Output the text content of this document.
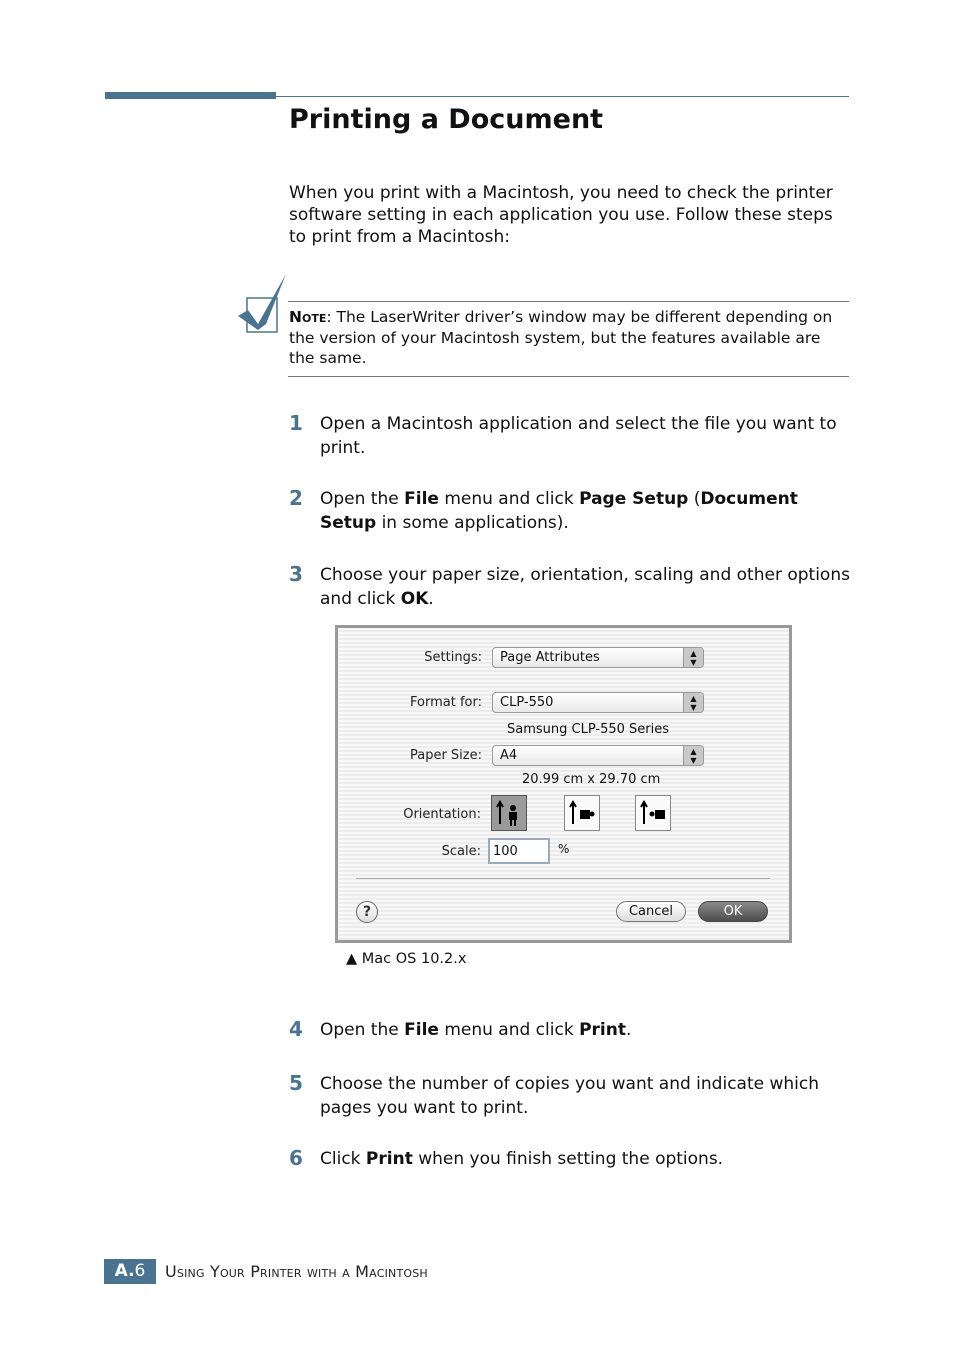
Printing a Document
When you print with a Macintosh, you need to check the printer software setting in each application you use. Follow these steps to print from a Macintosh:
Note: The LaserWriter driver’s window may be different depending on the version of your Macintosh system, but the features available are the same.
1 Open a Macintosh application and select the file you want to print.
2 Open the File menu and click Page Setup (Document Setup in some applications).
3 Choose your paper size, orientation, scaling and other options and click OK.
Settings:	Page Attributes	▲
▼
Format for:	CLP-550	▲
▼
Samsung CLP-550 Series
Paper Size:	A4	▲
▼
20.99 cm x 29.70 cm
Orientation:
Scale: 100	%
?	Cancel	OK
▲ Mac OS 10.2.x
4 Open the File menu and click Print.
5 Choose the number of copies you want and indicate which pages you want to print.
6 Click Print when you finish setting the options.
A.6	Using Your Printer with a Macintosh
